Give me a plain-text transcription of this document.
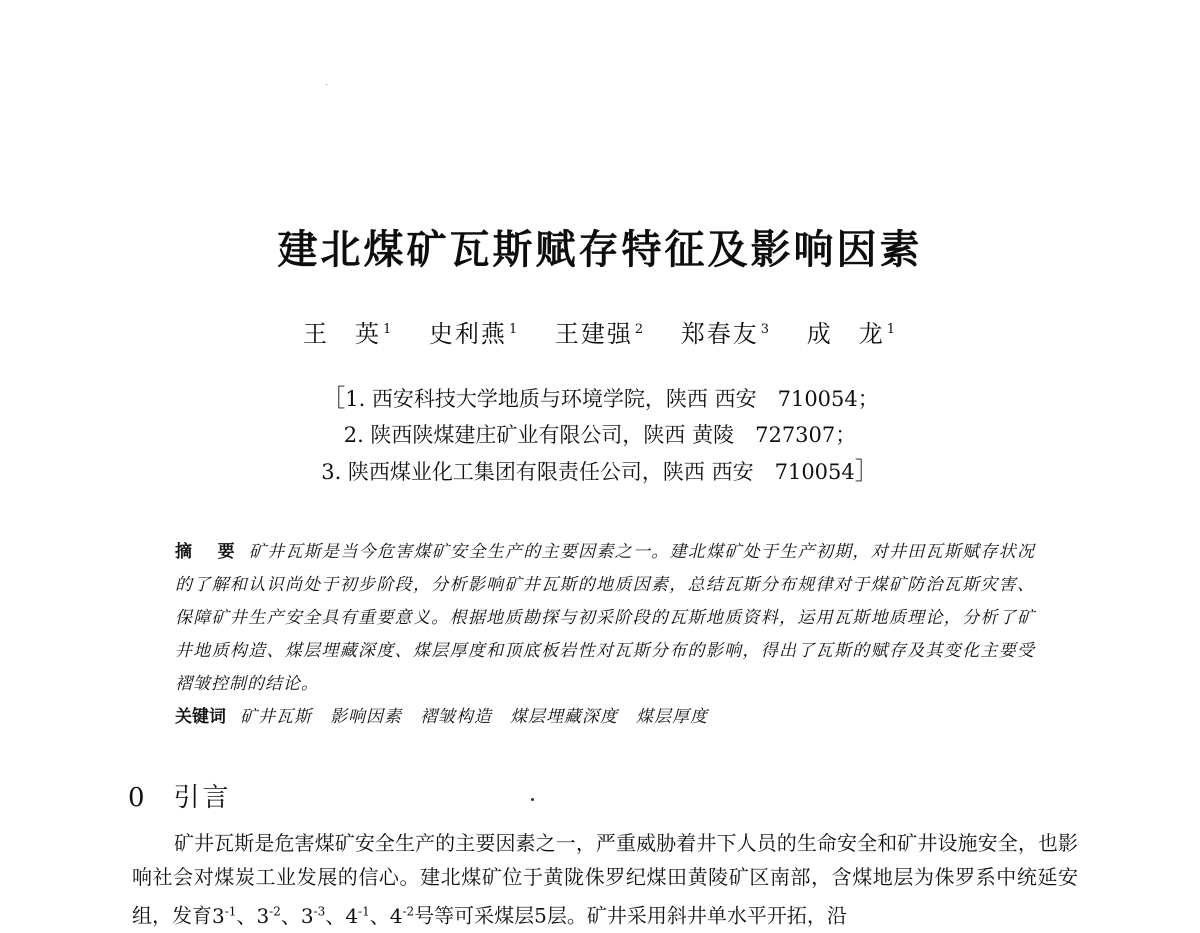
建北煤矿瓦斯赋存特征及影响因素
王　英 $^1$ 史利燕 $^1$ 王建强 $^2$ 郑春友 $^3$ 成　龙 $^1$
［1. 西安科技大学地质与环境学院，陕西 西安　710054；
2. 陕西陕煤建庄矿业有限公司，陕西 黄陵　727307；
3. 陕西煤业化工集团有限责任公司，陕西 西安　710054］
摘　要 矿井瓦斯是当今危害煤矿安全生产的主要因素之一。建北煤矿处于生产初期，对井田瓦斯赋存状况的了解和认识尚处于初步阶段，分析影响矿井瓦斯的地质因素，总结瓦斯分布规律对于煤矿防治瓦斯灾害、保障矿井生产安全具有重要意义。根据地质勘探与初采阶段的瓦斯地质资料，运用瓦斯地质理论，分析了矿井地质构造、煤层埋藏深度、煤层厚度和顶底板岩性对瓦斯分布的影响，得出了瓦斯的赋存及其变化主要受褶皱控制的结论。
关键词 矿井瓦斯 影响因素 褶皱构造 煤层埋藏深度 煤层厚度
0 引言

矿井瓦斯是危害煤矿安全生产的主要因素之一，严重威胁着井下人员的生命安全和矿井设施安全，也影响社会对煤炭工业发展的信心。建北煤矿位于黄陇侏罗纪煤田黄陵矿区南部，含煤地层为侏罗系中统延安组，发育$3^{-1}$、$3^{-2}$、$3^{-3}$、$4^{-1}$、$4^{-2}$号等可采煤层5层。矿井采用斜井单水平开拓，沿
